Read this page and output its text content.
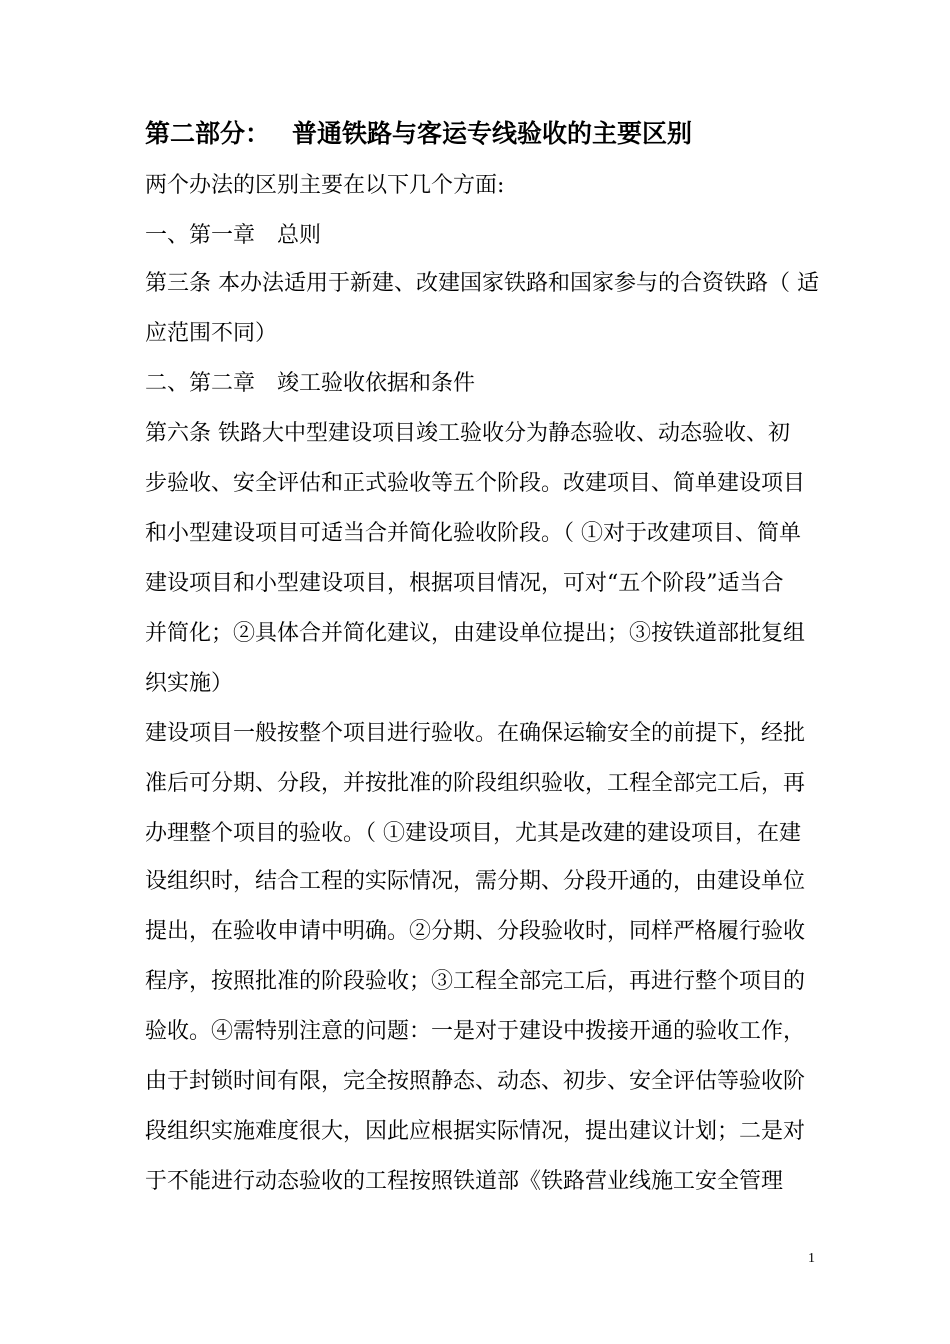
第二部分： 普通铁路与客运专线验收的主要区别
两个办法的区别主要在以下几个方面:
一、第一章　总则
第三条 本办法适用于新建、改建国家铁路和国家参与的合资铁路（ 适
应范围不同）
二、第二章　竣工验收依据和条件
第六条 铁路大中型建设项目竣工验收分为静态验收、动态验收、初
步验收、安全评估和正式验收等五个阶段。改建项目、简单建设项目
和小型建设项目可适当合并简化验收阶段。（ ①对于改建项目、简单
建设项目和小型建设项目，根据项目情况，可对“五个阶段”适当合
并简化；②具体合并简化建议，由建设单位提出；③按铁道部批复组
织实施）
建设项目一般按整个项目进行验收。在确保运输安全的前提下，经批
准后可分期、分段，并按批准的阶段组织验收，工程全部完工后，再
办理整个项目的验收。（ ①建设项目，尤其是改建的建设项目，在建
设组织时，结合工程的实际情况，需分期、分段开通的，由建设单位
提出，在验收申请中明确。②分期、分段验收时，同样严格履行验收
程序，按照批准的阶段验收；③工程全部完工后，再进行整个项目的
验收。④需特别注意的问题：一是对于建设中拨接开通的验收工作，
由于封锁时间有限，完全按照静态、动态、初步、安全评估等验收阶
段组织实施难度很大，因此应根据实际情况，提出建议计划；二是对
于不能进行动态验收的工程按照铁道部《铁路营业线施工安全管理
1
